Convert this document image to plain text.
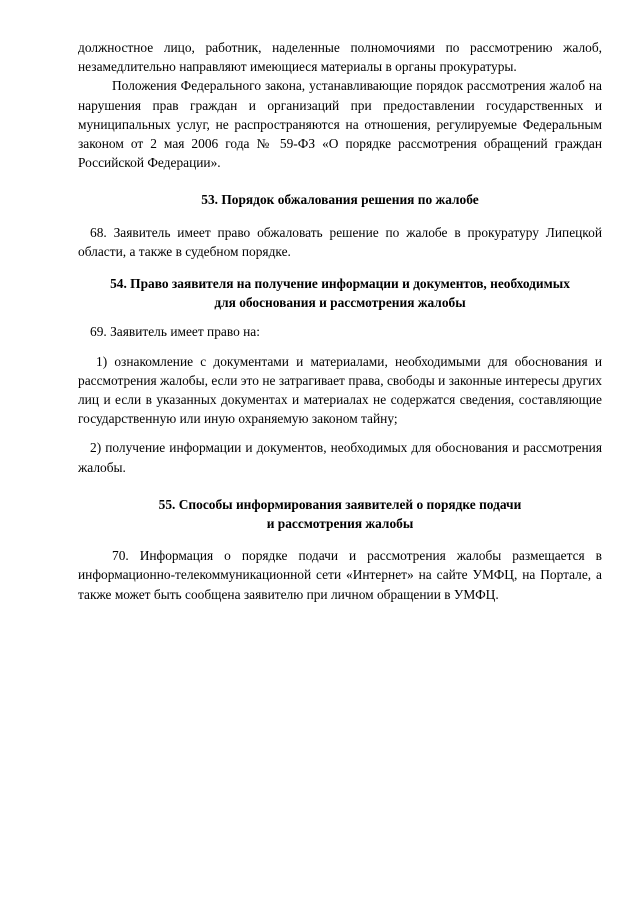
должностное лицо, работник, наделенные полномочиями по рассмотрению жалоб, незамедлительно направляют имеющиеся материалы в органы прокуратуры.

Положения Федерального закона, устанавливающие порядок рассмотрения жалоб на нарушения прав граждан и организаций при предоставлении государственных и муниципальных услуг, не распространяются на отношения, регулируемые Федеральным законом от 2 мая 2006 года № 59-ФЗ «О порядке рассмотрения обращений граждан Российской Федерации».

53. Порядок обжалования решения по жалобе

68. Заявитель имеет право обжаловать решение по жалобе в прокуратуру Липецкой области, а также в судебном порядке.

54. Право заявителя на получение информации и документов, необходимых
для обоснования и рассмотрения жалобы

69. Заявитель имеет право на:

1) ознакомление с документами и материалами, необходимыми для обоснования и рассмотрения жалобы, если это не затрагивает права, свободы и законные интересы других лиц и если в указанных документах и материалах не содержатся сведения, составляющие государственную или иную охраняемую законом тайну;

2) получение информации и документов, необходимых для обоснования и рассмотрения жалобы.

55. Способы информирования заявителей о порядке подачи
и рассмотрения жалобы

70. Информация о порядке подачи и рассмотрения жалобы размещается в информационно-телекоммуникационной сети «Интернет» на сайте УМФЦ, на Портале, а также может быть сообщена заявителю при личном обращении в УМФЦ.
